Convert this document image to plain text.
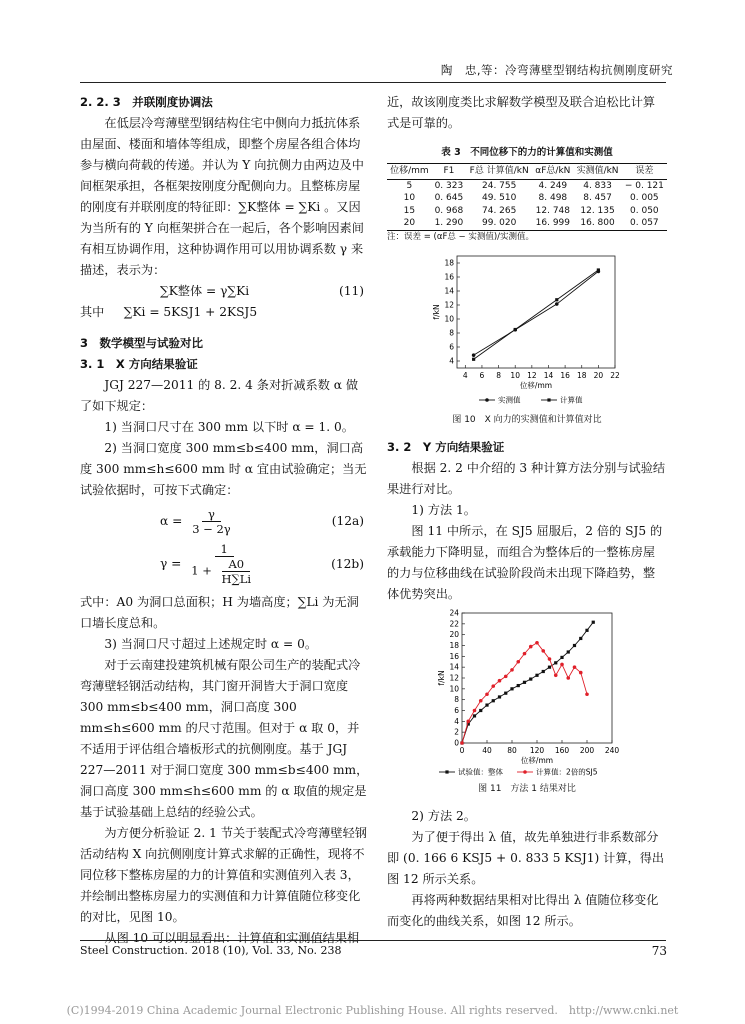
陶　忠,等：冷弯薄壁型钢结构抗侧刚度研究

2. 2. 3　并联刚度协调法

在低层冷弯薄壁型钢结构住宅中侧向力抵抗体系由屋面、楼面和墙体等组成，即整个房屋各组合体均参与横向荷载的传递。并认为 Y 向抗侧力由两边及中间框架承担，各框架按刚度分配侧向力。且整栋房屋的刚度有并联刚度的特征即：∑K整体 = ∑Ki 。又因为当所有的 Y 向框架拼合在一起后，各个影响因素间有相互协调作用，这种协调作用可以用协调系数 γ 来描述，表示为：

∑K整体 = γ∑Ki	(11)

其中 ∑Ki = 5KSJ1 + 2KSJ5

3　数学模型与试验对比

3. 1　X 方向结果验证

JGJ 227—2011 的 8. 2. 4 条对折减系数 α 做了如下规定：

1) 当洞口尺寸在 300 mm 以下时 α = 1. 0。

2) 当洞口宽度 300 mm≤b≤400 mm，洞口高度 300 mm≤h≤600 mm 时 α 宜由试验确定；当无试验依据时，可按下式确定：

$\alpha = \frac{\gamma}{3 - 2\gamma}$	(12a)
$\gamma = \frac{1}{1 + \frac{A0}{H\sum Li}}$	(12b)

式中：A0 为洞口总面积；H 为墙高度；∑Li 为无洞口墙长度总和。

3) 当洞口尺寸超过上述规定时 α = 0。

对于云南建投建筑机械有限公司生产的装配式冷弯薄壁轻钢活动结构，其门窗开洞皆大于洞口宽度 300 mm≤b≤400 mm，洞口高度 300 mm≤h≤600 mm 的尺寸范围。但对于 α 取 0，并不适用于评估组合墙板形式的抗侧刚度。基于 JGJ 227—2011 对于洞口宽度 300 mm≤b≤400 mm，洞口高度 300 mm≤h≤600 mm 的 α 取值的规定是基于试验基础上总结的经验公式。

为方便分析验证 2. 1 节关于装配式冷弯薄壁轻钢活动结构 X 向抗侧刚度计算式求解的正确性，现将不同位移下整栋房屋的力的计算值和实测值列入表 3，并绘制出整栋房屋力的实测值和力计算值随位移变化的对比，见图 10。

从图 10 可以明显看出：计算值和实测值结果相

近，故该刚度类比求解数学模型及联合迫松比计算式是可靠的。

表 3　不同位移下的力的计算值和实测值
位移/mm	F1	F总 计算值/kN	αF总/kN	实测值/kN	误差
5	0. 323	24. 755	4. 249	4. 833	− 0. 121
10	0. 645	49. 510	8. 498	8. 457	0. 005
15	0. 968	74. 265	12. 748	12. 135	0. 050
20	1. 290	99. 020	16. 999	16. 800	0. 057
注：误差 = (αF总 − 实测值)/实测值。
4 6 8 10 12 14 16 18 20 22
4
6
8
10
12
14
16
18
位移/mm
f/kN
实测值	计算值
图 10　X 向力的实测值和计算值对比

3. 2　Y 方向结果验证

根据 2. 2 中介绍的 3 种计算方法分别与试验结果进行对比。

1) 方法 1。

图 11 中所示，在 SJ5 屈服后，2 倍的 SJ5 的承载能力下降明显，而组合为整体后的一整栋房屋的力与位移曲线在试验阶段尚未出现下降趋势，整体优势突出。

0 40 80 120 160 200 240
0
2
4
6
8
10
12
14
16
18
20
22
24
位移/mm
f/kN
试验值：整体	计算值：2倍的SJ5
图 11　方法 1 结果对比

2) 方法 2。

为了便于得出 λ 值，故先单独进行非系数部分即 (0. 166 6 KSJ5 + 0. 833 5 KSJ1) 计算，得出图 12 所示关系。

再将两种数据结果相对比得出 λ 值随位移变化而变化的曲线关系，如图 12 所示。

Steel Construction. 2018 (10), Vol. 33, No. 238	73
(C)1994-2019 China Academic Journal Electronic Publishing House. All rights reserved.　http://www.cnki.net
